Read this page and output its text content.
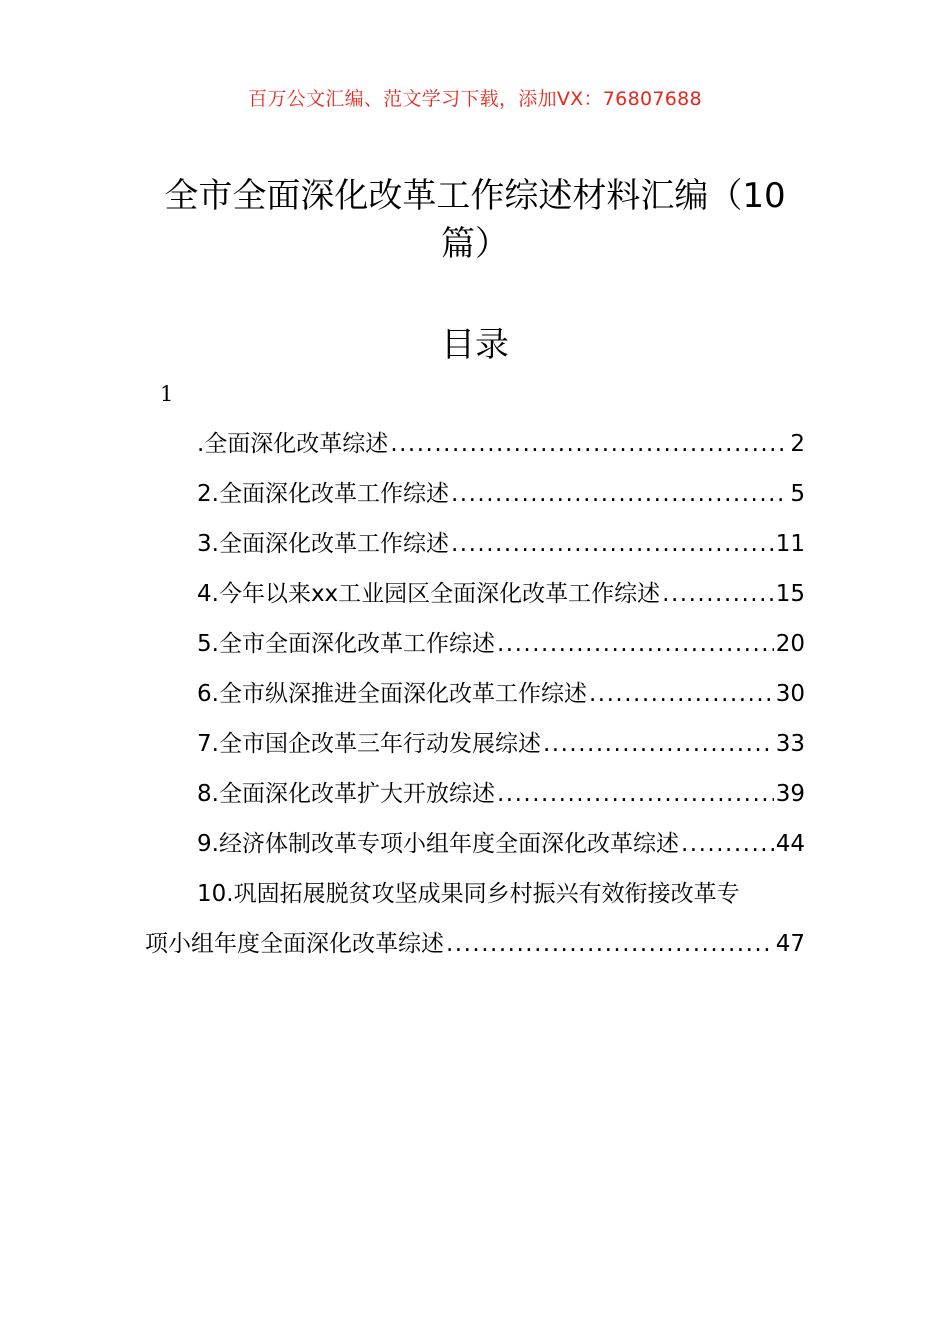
百万公文汇编、范文学习下载，添加VX：76807688
全市全面深化改革工作综述材料汇编（10
篇）
目录
1
.全面深化改革综述 .....	2
2.全面深化改革工作综述 .....	5
3.全面深化改革工作综述 .....	11
4.今年以来xx工业园区全面深化改革工作综述 .....	15
5.全市全面深化改革工作综述 .....	20
6.全市纵深推进全面深化改革工作综述 .....	30
7.全市国企改革三年行动发展综述 .....	33
8.全面深化改革扩大开放综述 .....	39
9.经济体制改革专项小组年度全面深化改革综述 .....	44
10.巩固拓展脱贫攻坚成果同乡村振兴有效衔接改革专
项小组年度全面深化改革综述 .....	47
